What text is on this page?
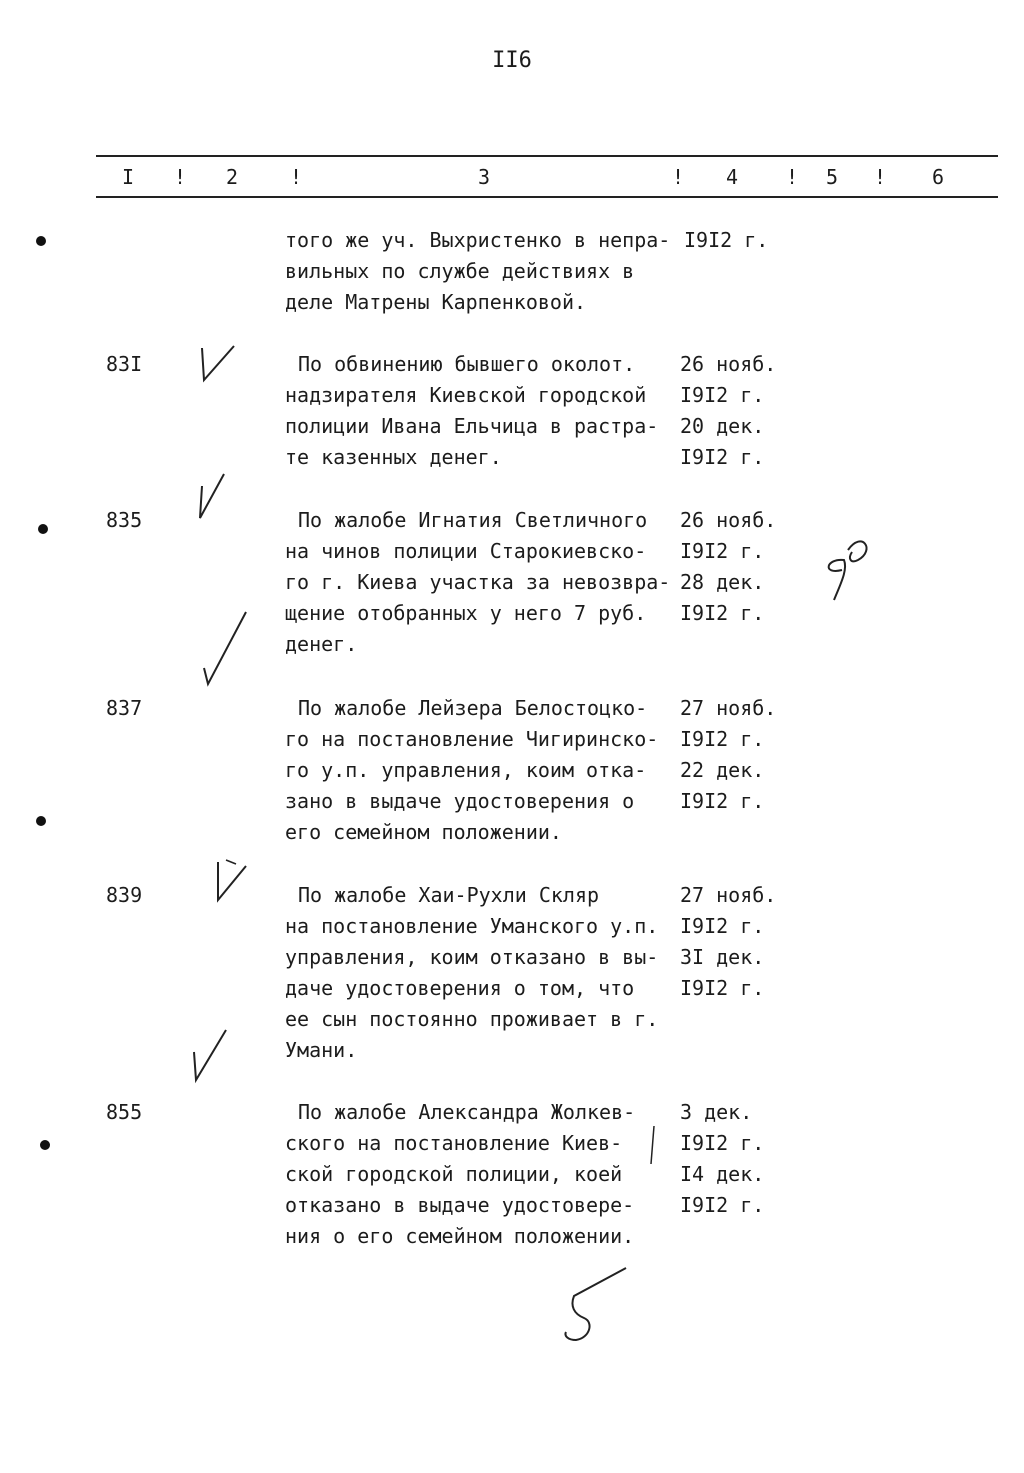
II6
I ! 2	!	3	! 4 ! 5 ! 6
того же уч. Выхристенко в непра-
вильных по службе действиях в
деле Матрены Карпенковой.
I9I2 г.
83I	По обвинению бывшего околот.
надзирателя Киевской городской
полиции Ивана Ельчица в растра-
те казенных денег.
26 нояб.
I9I2 г.
20 дек.
I9I2 г.
835	По жалобе Игнатия Светличного
на чинов полиции Старокиевско-
го г. Киева участка за невозвра-
щение отобранных у него 7 руб.
денег.
26 нояб.
I9I2 г.
28 дек.
I9I2 г.
837	По жалобе Лейзера Белостоцко-
го на постановление Чигиринско-
го у.п. управления, коим отка-
зано в выдаче удостоверения о
его семейном положении.
27 нояб.
I9I2 г.
22 дек.
I9I2 г.
839	По жалобе Хаи-Рухли Скляр
на постановление Уманского у.п.
управления, коим отказано в вы-
даче удостоверения о том, что
ее сын постоянно проживает в г.
Умани.
27 нояб.
I9I2 г.
3I дек.
I9I2 г.
855	По жалобе Александра Жолкев-
ского на постановление Киев-
ской городской полиции, коей
отказано в выдаче удостовере-
ния о его семейном положении.
3 дек.
I9I2 г.
I4 дек.
I9I2 г.
